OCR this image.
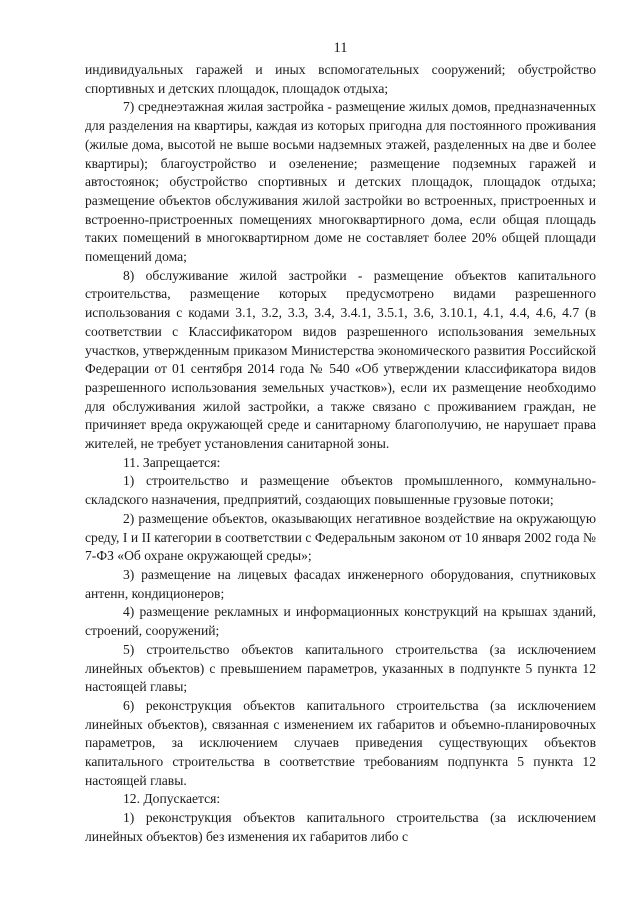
11

индивидуальных гаражей и иных вспомогательных сооружений; обустройство спортивных и детских площадок, площадок отдыха;

7) среднеэтажная жилая застройка - размещение жилых домов, предназначенных для разделения на квартиры, каждая из которых пригодна для постоянного проживания (жилые дома, высотой не выше восьми надземных этажей, разделенных на две и более квартиры); благоустройство и озеленение; размещение подземных гаражей и автостоянок; обустройство спортивных и детских площадок, площадок отдыха; размещение объектов обслуживания жилой застройки во встроенных, пристроенных и встроенно-пристроенных помещениях многоквартирного дома, если общая площадь таких помещений в многоквартирном доме не составляет более 20% общей площади помещений дома;

8) обслуживание жилой застройки - размещение объектов капитального строительства, размещение которых предусмотрено видами разрешенного использования с кодами 3.1, 3.2, 3.3, 3.4, 3.4.1, 3.5.1, 3.6, 3.10.1, 4.1, 4.4, 4.6, 4.7 (в соответствии с Классификатором видов разрешенного использования земельных участков, утвержденным приказом Министерства экономического развития Российской Федерации от 01 сентября 2014 года № 540 «Об утверждении классификатора видов разрешенного использования земельных участков»), если их размещение необходимо для обслуживания жилой застройки, а также связано с проживанием граждан, не причиняет вреда окружающей среде и санитарному благополучию, не нарушает права жителей, не требует установления санитарной зоны.

11. Запрещается:

1) строительство и размещение объектов промышленного, коммунально-складского назначения, предприятий, создающих повышенные грузовые потоки;

2) размещение объектов, оказывающих негативное воздействие на окружающую среду, I и II категории в соответствии с Федеральным законом от 10 января 2002 года № 7-ФЗ «Об охране окружающей среды»;

3) размещение на лицевых фасадах инженерного оборудования, спутниковых антенн, кондиционеров;

4) размещение рекламных и информационных конструкций на крышах зданий, строений, сооружений;

5) строительство объектов капитального строительства (за исключением линейных объектов) с превышением параметров, указанных в подпункте 5 пункта 12 настоящей главы;

6) реконструкция объектов капитального строительства (за исключением линейных объектов), связанная с изменением их габаритов и объемно-планировочных параметров, за исключением случаев приведения существующих объектов капитального строительства в соответствие требованиям подпункта 5 пункта 12 настоящей главы.

12. Допускается:

1) реконструкция объектов капитального строительства (за исключением линейных объектов) без изменения их габаритов либо с
